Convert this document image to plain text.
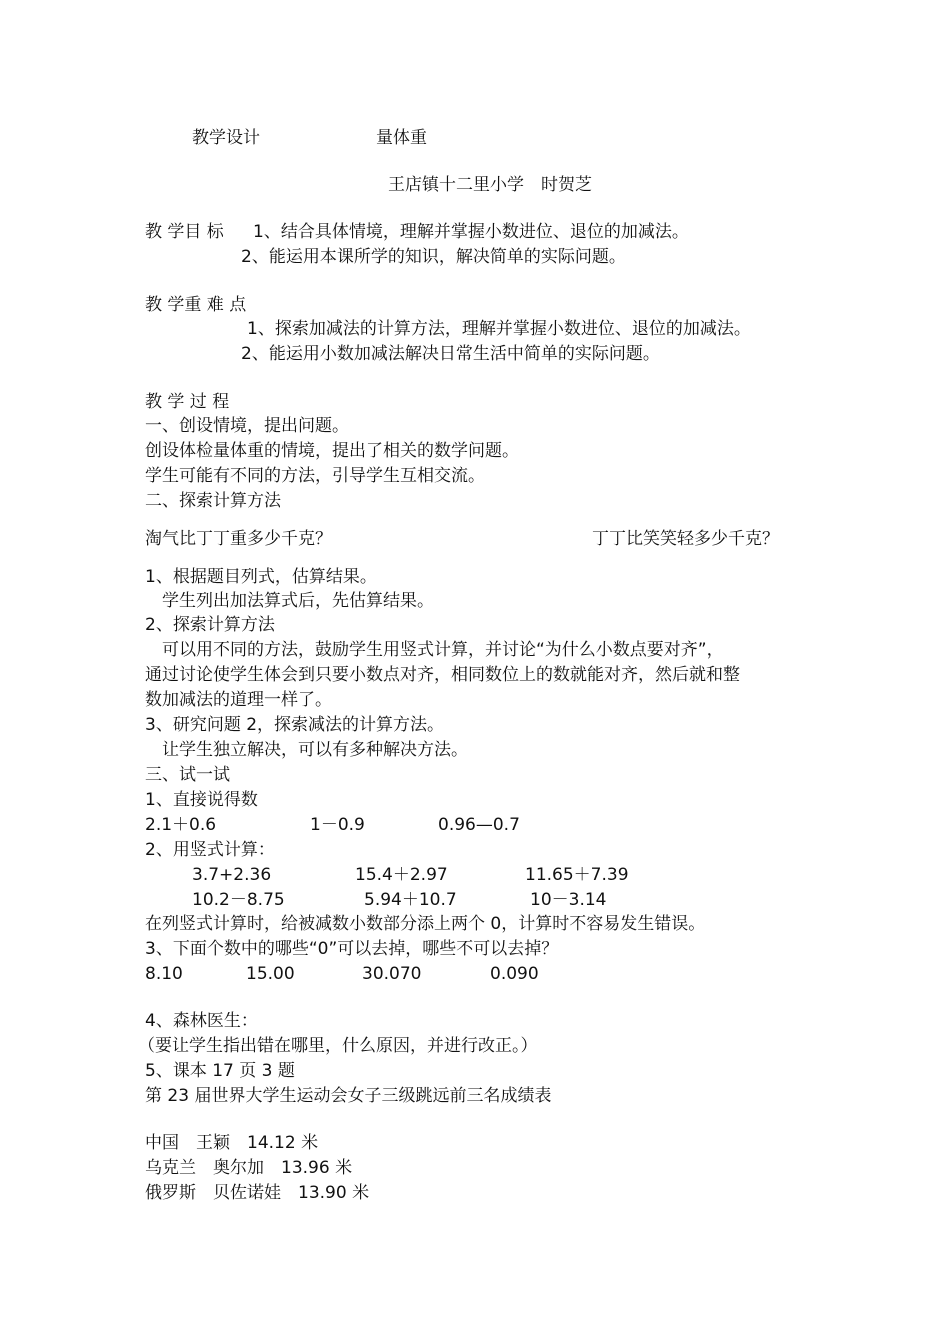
教学设计	量体重
王店镇十二里小学　时贺芝
教 学目 标 1、结合具体情境，理解并掌握小数进位、退位的加减法。
2、能运用本课所学的知识，解决简单的实际问题。
教 学重 难 点
1、探索加减法的计算方法，理解并掌握小数进位、退位的加减法。
2、能运用小数加减法解决日常生活中简单的实际问题。
教 学 过 程
一、创设情境，提出问题。
创设体检量体重的情境，提出了相关的数学问题。
学生可能有不同的方法，引导学生互相交流。
二、探索计算方法
淘气比丁丁重多少千克？	丁丁比笑笑轻多少千克？
1、根据题目列式，估算结果。
学生列出加法算式后，先估算结果。
2、探索计算方法
可以用不同的方法，鼓励学生用竖式计算，并讨论“为什么小数点要对齐”，
通过讨论使学生体会到只要小数点对齐，相同数位上的数就能对齐，然后就和整
数加减法的道理一样了。
3、研究问题 2，探索减法的计算方法。
让学生独立解决，可以有多种解决方法。
三、试一试
1、直接说得数
2.1＋0.6	1－0.9	0.96—0.7
2、用竖式计算：
3.7+2.36	15.4＋2.97	11.65＋7.39
10.2－8.75	5.94＋10.7	10－3.14
在列竖式计算时，给被减数小数部分添上两个 0，计算时不容易发生错误。
3、下面个数中的哪些“0”可以去掉，哪些不可以去掉？
8.10	15.00	30.070	0.090
4、森林医生：
（要让学生指出错在哪里，什么原因，并进行改正。）
5、课本 17 页 3 题
第 23 届世界大学生运动会女子三级跳远前三名成绩表
中国　王颖　14.12 米
乌克兰　奥尔加　13.96 米
俄罗斯　贝佐诺娃　13.90 米
